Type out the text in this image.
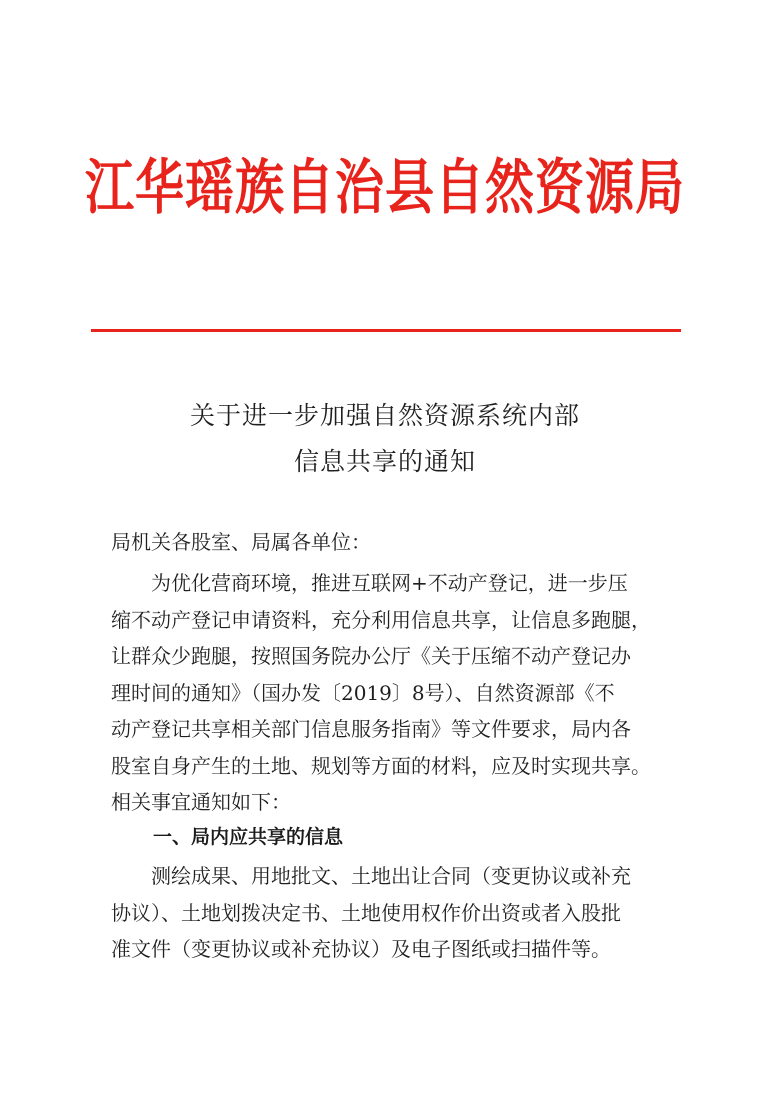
江华瑶族自治县自然资源局
关于进一步加强自然资源系统内部
信息共享的通知
局机关各股室、局属各单位：
　　为优化营商环境，推进互联网+不动产登记，进一步压
缩不动产登记申请资料，充分利用信息共享，让信息多跑腿，
让群众少跑腿，按照国务院办公厅《关于压缩不动产登记办
理时间的通知》（国办发〔2019〕8号）、自然资源部《不
动产登记共享相关部门信息服务指南》等文件要求，局内各
股室自身产生的土地、规划等方面的材料，应及时实现共享。
相关事宜通知如下：
一、局内应共享的信息
　　测绘成果、用地批文、土地出让合同（变更协议或补充
协议）、土地划拨决定书、土地使用权作价出资或者入股批
准文件（变更协议或补充协议）及电子图纸或扫描件等。
